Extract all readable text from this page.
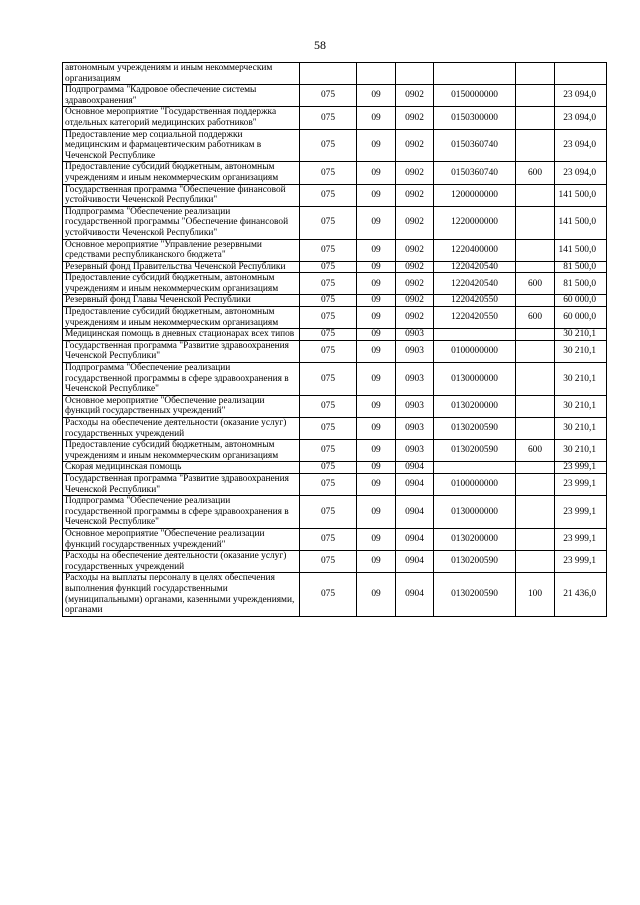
58
автономным учреждениям и иным некоммерческим организациям						
Подпрограмма "Кадровое обеспечение системы здравоохранения"	075	09	0902	0150000000		23 094,0
Основное мероприятие "Государственная поддержка отдельных категорий медицинских работников"	075	09	0902	0150300000		23 094,0
Предоставление мер социальной поддержки медицинским и фармацевтическим работникам в Чеченской Республике	075	09	0902	0150360740		23 094,0
Предоставление субсидий бюджетным, автономным учреждениям и иным некоммерческим организациям	075	09	0902	0150360740	600	23 094,0
Государственная программа "Обеспечение финансовой устойчивости Чеченской Республики"	075	09	0902	1200000000		141 500,0
Подпрограмма "Обеспечение реализации государственной программы "Обеспечение финансовой устойчивости Чеченской Республики"	075	09	0902	1220000000		141 500,0
Основное мероприятие "Управление резервными средствами республиканского бюджета"	075	09	0902	1220400000		141 500,0
Резервный фонд Правительства Чеченской Республики	075	09	0902	1220420540		81 500,0
Предоставление субсидий бюджетным, автономным учреждениям и иным некоммерческим организациям	075	09	0902	1220420540	600	81 500,0
Резервный фонд Главы Чеченской Республики	075	09	0902	1220420550		60 000,0
Предоставление субсидий бюджетным, автономным учреждениям и иным некоммерческим организациям	075	09	0902	1220420550	600	60 000,0
Медицинская помощь в дневных стационарах всех типов	075	09	0903			30 210,1
Государственная программа "Развитие здравоохранения Чеченской Республики"	075	09	0903	0100000000		30 210,1
Подпрограмма "Обеспечение реализации государственной программы в сфере здравоохранения в Чеченской Республике"	075	09	0903	0130000000		30 210,1
Основное мероприятие "Обеспечение реализации функций государственных учреждений"	075	09	0903	0130200000		30 210,1
Расходы на обеспечение деятельности (оказание услуг) государственных учреждений	075	09	0903	0130200590		30 210,1
Предоставление субсидий бюджетным, автономным учреждениям и иным некоммерческим организациям	075	09	0903	0130200590	600	30 210,1
Скорая медицинская помощь	075	09	0904			23 999,1
Государственная программа "Развитие здравоохранения Чеченской Республики"	075	09	0904	0100000000		23 999,1
Подпрограмма "Обеспечение реализации государственной программы в сфере здравоохранения в Чеченской Республике"	075	09	0904	0130000000		23 999,1
Основное мероприятие "Обеспечение реализации функций государственных учреждений"	075	09	0904	0130200000		23 999,1
Расходы на обеспечение деятельности (оказание услуг) государственных учреждений	075	09	0904	0130200590		23 999,1
Расходы на выплаты персоналу в целях обеспечения выполнения функций государственными (муниципальными) органами, казенными учреждениями, органами	075	09	0904	0130200590	100	21 436,0
